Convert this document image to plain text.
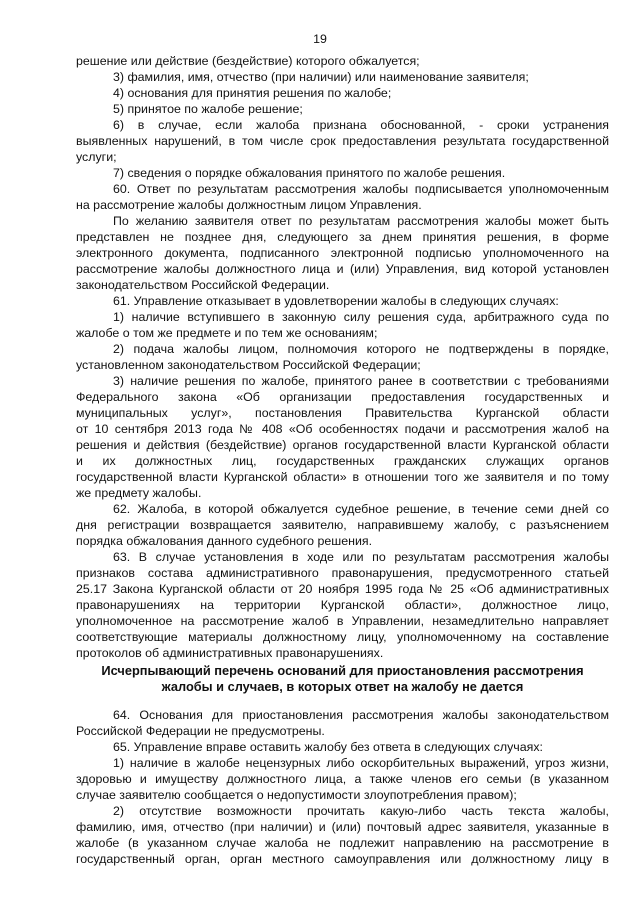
19
решение или действие (бездействие) которого обжалуется;
3) фамилия, имя, отчество (при наличии) или наименование заявителя;
4) основания для принятия решения по жалобе;
5) принятое по жалобе решение;
6) в случае, если жалоба признана обоснованной, - сроки устранения
выявленных нарушений, в том числе срок предоставления результата государственной
услуги;
7) сведения о порядке обжалования принятого по жалобе решения.
60. Ответ по результатам рассмотрения жалобы подписывается уполномоченным
на рассмотрение жалобы должностным лицом Управления.
По желанию заявителя ответ по результатам рассмотрения жалобы может быть
представлен не позднее дня, следующего за днем принятия решения, в форме
электронного документа, подписанного электронной подписью уполномоченного на
рассмотрение жалобы должностного лица и (или) Управления, вид которой установлен
законодательством Российской Федерации.
61. Управление отказывает в удовлетворении жалобы в следующих случаях:
1) наличие вступившего в законную силу решения суда, арбитражного суда по
жалобе о том же предмете и по тем же основаниям;
2) подача жалобы лицом, полномочия которого не подтверждены в порядке,
установленном законодательством Российской Федерации;
3) наличие решения по жалобе, принятого ранее в соответствии с требованиями
Федерального закона «Об организации предоставления государственных и
муниципальных услуг», постановления Правительства Курганской области
от 10 сентября 2013 года № 408 «Об особенностях подачи и рассмотрения жалоб на
решения и действия (бездействие) органов государственной власти Курганской области
и их должностных лиц, государственных гражданских служащих органов
государственной власти Курганской области» в отношении того же заявителя и по тому
же предмету жалобы.
62. Жалоба, в которой обжалуется судебное решение, в течение семи дней со
дня регистрации возвращается заявителю, направившему жалобу, с разъяснением
порядка обжалования данного судебного решения.
63. В случае установления в ходе или по результатам рассмотрения жалобы
признаков состава административного правонарушения, предусмотренного статьей
25.17 Закона Курганской области от 20 ноября 1995 года № 25 «Об административных
правонарушениях на территории Курганской области», должностное лицо,
уполномоченное на рассмотрение жалоб в Управлении, незамедлительно направляет
соответствующие материалы должностному лицу, уполномоченному на составление
протоколов об административных правонарушениях.
Исчерпывающий перечень оснований для приостановления рассмотрения
жалобы и случаев, в которых ответ на жалобу не дается
64. Основания для приостановления рассмотрения жалобы законодательством
Российской Федерации не предусмотрены.
65. Управление вправе оставить жалобу без ответа в следующих случаях:
1) наличие в жалобе нецензурных либо оскорбительных выражений, угроз жизни,
здоровью и имуществу должностного лица, а также членов его семьи (в указанном
случае заявителю сообщается о недопустимости злоупотребления правом);
2) отсутствие возможности прочитать какую-либо часть текста жалобы,
фамилию, имя, отчество (при наличии) и (или) почтовый адрес заявителя, указанные в
жалобе (в указанном случае жалоба не подлежит направлению на рассмотрение в
государственный орган, орган местного самоуправления или должностному лицу в
